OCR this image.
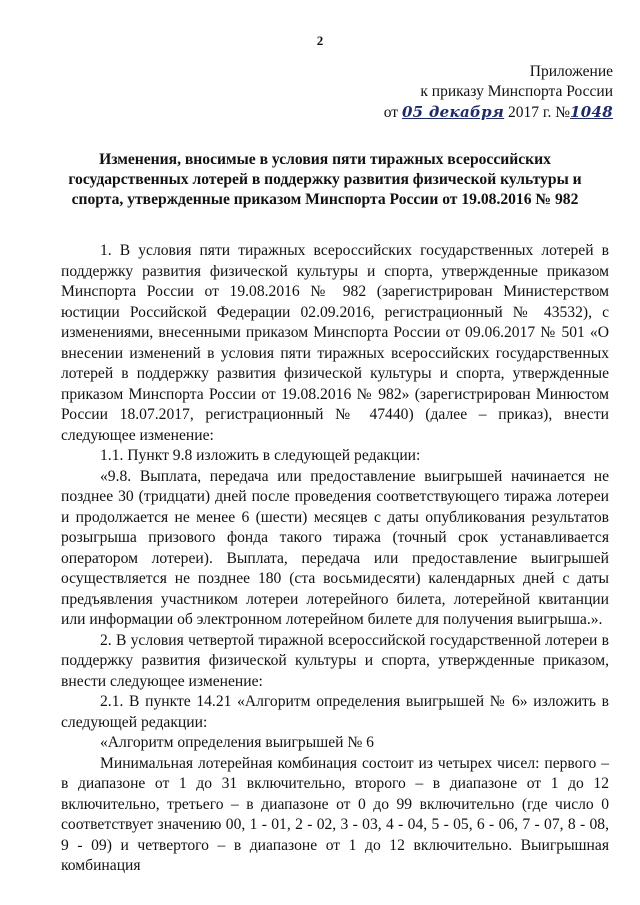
2
Приложение
к приказу Минспорта России
от 05 декабря 2017 г. №1048
Изменения, вносимые в условия пяти тиражных всероссийских государственных лотерей в поддержку развития физической культуры и спорта, утвержденные приказом Минспорта России от 19.08.2016 № 982

1. В условия пяти тиражных всероссийских государственных лотерей в поддержку развития физической культуры и спорта, утвержденные приказом Минспорта России от 19.08.2016 № 982 (зарегистрирован Министерством юстиции Российской Федерации 02.09.2016, регистрационный № 43532), с изменениями, внесенными приказом Минспорта России от 09.06.2017 № 501 «О внесении изменений в условия пяти тиражных всероссийских государственных лотерей в поддержку развития физической культуры и спорта, утвержденные приказом Минспорта России от 19.08.2016 № 982» (зарегистрирован Минюстом России 18.07.2017, регистрационный № 47440) (далее – приказ), внести следующее изменение:

1.1. Пункт 9.8 изложить в следующей редакции:

«9.8. Выплата, передача или предоставление выигрышей начинается не позднее 30 (тридцати) дней после проведения соответствующего тиража лотереи и продолжается не менее 6 (шести) месяцев с даты опубликования результатов розыгрыша призового фонда такого тиража (точный срок устанавливается оператором лотереи). Выплата, передача или предоставление выигрышей осуществляется не позднее 180 (ста восьмидесяти) календарных дней с даты предъявления участником лотереи лотерейного билета, лотерейной квитанции или информации об электронном лотерейном билете для получения выигрыша.».

2. В условия четвертой тиражной всероссийской государственной лотереи в поддержку развития физической культуры и спорта, утвержденные приказом, внести следующее изменение:

2.1. В пункте 14.21 «Алгоритм определения выигрышей № 6» изложить в следующей редакции:

«Алгоритм определения выигрышей № 6

Минимальная лотерейная комбинация состоит из четырех чисел: первого – в диапазоне от 1 до 31 включительно, второго – в диапазоне от 1 до 12 включительно, третьего – в диапазоне от 0 до 99 включительно (где число 0 соответствует значению 00, 1 - 01, 2 - 02, 3 - 03, 4 - 04, 5 - 05, 6 - 06, 7 - 07, 8 - 08, 9 - 09) и четвертого – в диапазоне от 1 до 12 включительно. Выигрышная комбинация
